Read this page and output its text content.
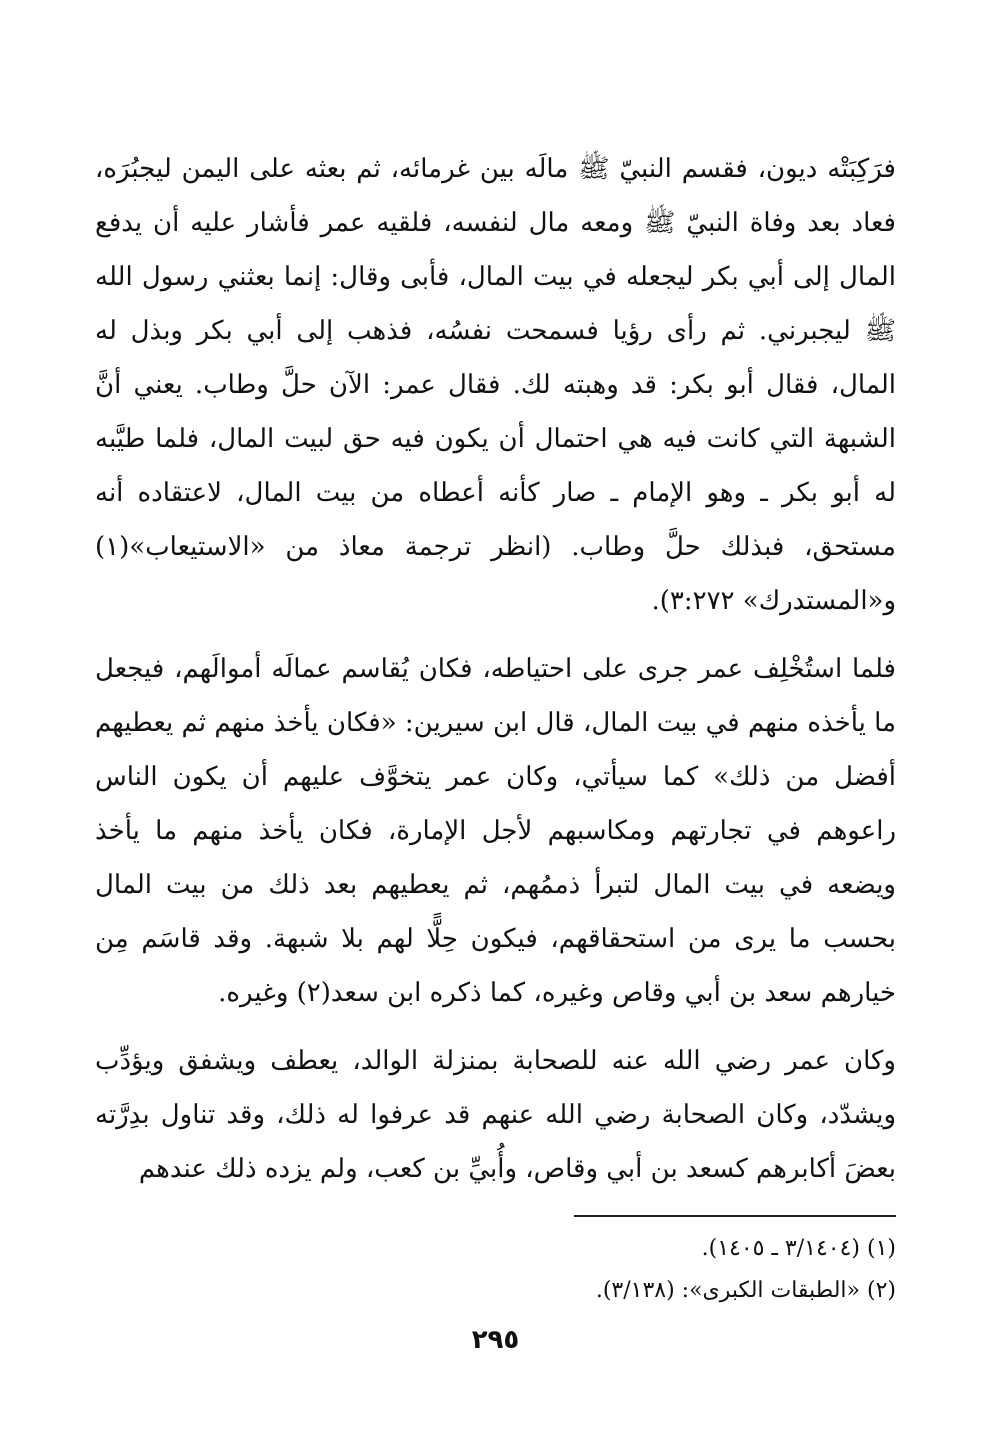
فرَكِبَتْه ديون، فقسم النبيّ ﷺ مالَه بين غرمائه، ثم بعثه على اليمن ليجبُرَه، فعاد بعد وفاة النبيّ ﷺ ومعه مال لنفسه، فلقيه عمر فأشار عليه أن يدفع المال إلى أبي بكر ليجعله في بيت المال، فأبى وقال: إنما بعثني رسول الله ﷺ ليجبرني. ثم رأى رؤيا فسمحت نفسُه، فذهب إلى أبي بكر وبذل له المال، فقال أبو بكر: قد وهبته لك. فقال عمر: الآن حلَّ وطاب. يعني أنَّ الشبهة التي كانت فيه هي احتمال أن يكون فيه حق لبيت المال، فلما طيَّبه له أبو بكر ـ وهو الإمام ـ صار كأنه أعطاه من بيت المال، لاعتقاده أنه مستحق، فبذلك حلَّ وطاب. (انظر ترجمة معاذ من «الاستيعاب»(١) و«المستدرك» ٣:٢٧٢).

فلما استُخْلِف عمر جرى على احتياطه، فكان يُقاسم عمالَه أموالَهم، فيجعل ما يأخذه منهم في بيت المال، قال ابن سيرين: «فكان يأخذ منهم ثم يعطيهم أفضل من ذلك» كما سيأتي، وكان عمر يتخوَّف عليهم أن يكون الناس راعوهم في تجارتهم ومكاسبهم لأجل الإمارة، فكان يأخذ منهم ما يأخذ ويضعه في بيت المال لتبرأ ذممُهم، ثم يعطيهم بعد ذلك من بيت المال بحسب ما يرى من استحقاقهم، فيكون حِلًّا لهم بلا شبهة. وقد قاسَم مِن خيارهم سعد بن أبي وقاص وغيره، كما ذكره ابن سعد(٢) وغيره.

وكان عمر رضي الله عنه للصحابة بمنزلة الوالد، يعطف ويشفق ويؤدِّب ويشدّد، وكان الصحابة رضي الله عنهم قد عرفوا له ذلك، وقد تناول بدِرَّته بعضَ أكابرهم كسعد بن أبي وقاص، وأُبيِّ بن كعب، ولم يزده ذلك عندهم

(١) (٣/١٤٠٤ ـ ١٤٠٥).

(٢) «الطبقات الكبرى»: (٣/١٣٨).

٢٩٥
